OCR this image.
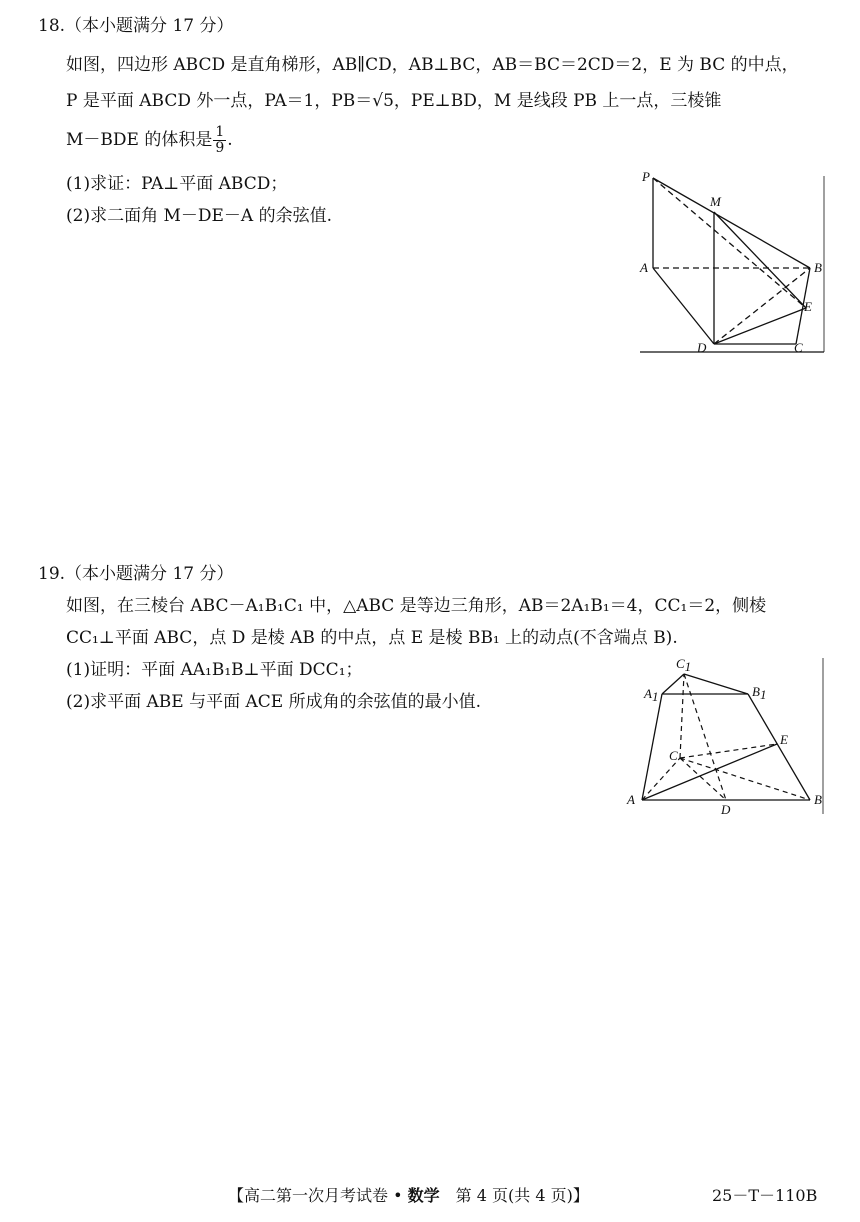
18.（本小题满分 17 分）
如图，四边形 ABCD 是直角梯形，AB∥CD，AB⊥BC，AB＝BC＝2CD＝2，E 为 BC 的中点，
P 是平面 ABCD 外一点，PA＝1，PB＝√5，PE⊥BD，M 是线段 PB 上一点，三棱锥
M－BDE 的体积是 $\frac{1}{9}$ .
(1)求证：PA⊥平面 ABCD；
(2)求二面角 M－DE－A 的余弦值.
P
M
A	B
E
D	C
19.（本小题满分 17 分）
如图，在三棱台 ABC－A₁B₁C₁ 中，△ABC 是等边三角形，AB＝2A₁B₁＝4，CC₁＝2，侧棱
CC₁⊥平面 ABC，点 D 是棱 AB 的中点，点 E 是棱 BB₁ 上的动点(不含端点 B).
(1)证明：平面 AA₁B₁B⊥平面 DCC₁；
(2)求平面 ABE 与平面 ACE 所成角的余弦值的最小值.
C1
A1	B1
C
E
A
D
B
【高二第一次月考试卷 • 数学　第 4 页(共 4 页)】	25－T－110B
